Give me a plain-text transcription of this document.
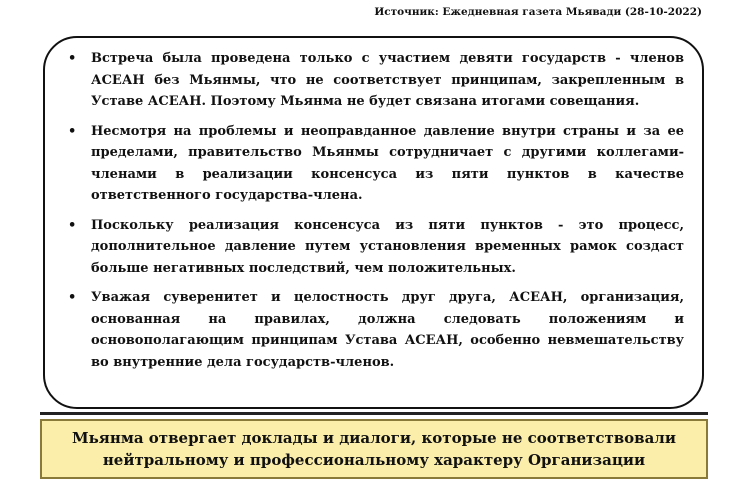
Источник: Ежедневная газета Мьявади (28-10-2022)
• Встреча была проведена только с участием девяти государств - членов АСЕАН без Мьянмы, что не соответствует принципам, закрепленным в Уставе АСЕАН. Поэтому Мьянма не будет связана итогами совещания.
• Несмотря на проблемы и неоправданное давление внутри страны и за ее пределами, правительство Мьянмы сотрудничает с другими коллегами-членами в реализации консенсуса из пяти пунктов в качестве ответственного государства-члена.
• Поскольку реализация консенсуса из пяти пунктов - это процесс, дополнительное давление путем установления временных рамок создаст больше негативных последствий, чем положительных.
• Уважая суверенитет и целостность друг друга, АСЕАН, организация, основанная на правилах, должна следовать положениям и основополагающим принципам Устава АСЕАН, особенно невмешательству во внутренние дела государств-членов.
Мьянма отвергает доклады и диалоги, которые не соответствовали нейтральному и профессиональному характеру Организации
